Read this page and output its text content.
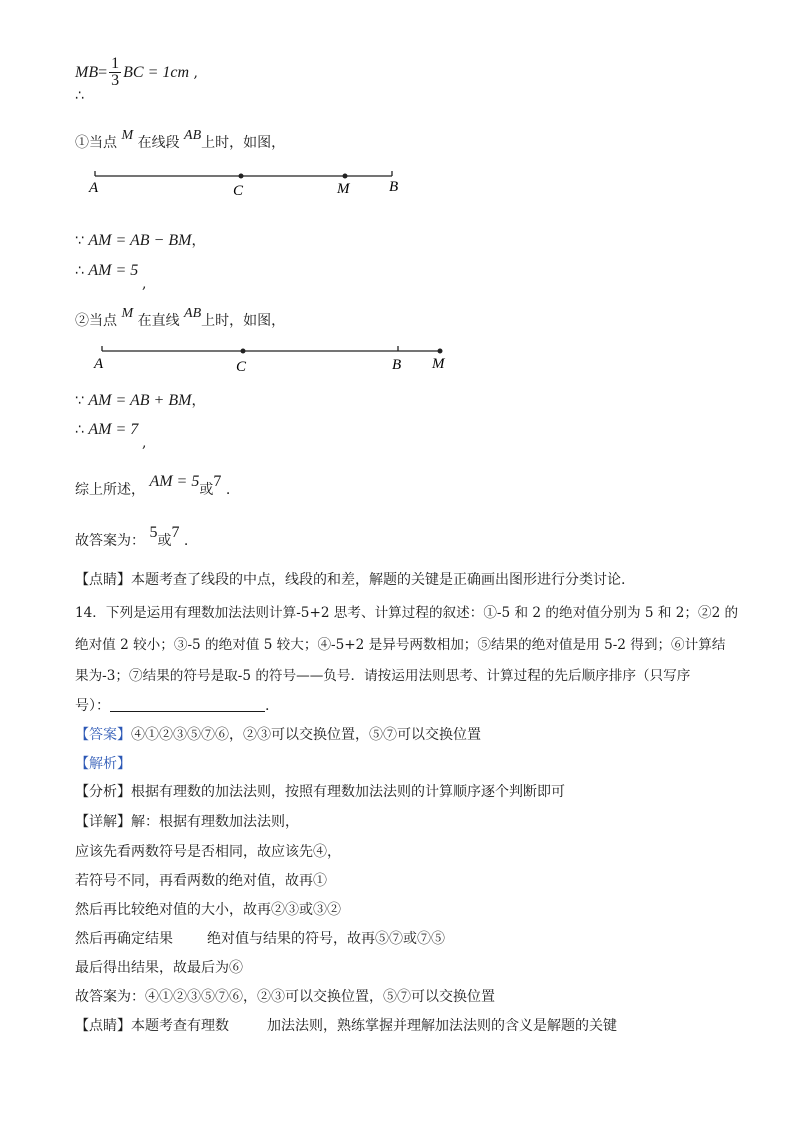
$MB= \frac{1}{3}$ BC = 1cm ,
∴
①当点 M 在线段 AB上时，如图，
A	C	M	B
A	C	B M
∵ AM = AB − BM，
∴ AM = 5
,
②当点 M 在直线 AB上时，如图，
∵ AM = AB + BM，
∴ AM = 7
,
综上所述， AM = 5或7 .
故答案为： 5或7 .
【点睛】本题考查了线段的中点，线段的和差，解题的关键是正确画出图形进行分类讨论.
14．下列是运用有理数加法法则计算-5+2 思考、计算过程的叙述：①-5 和 2 的绝对值分别为 5 和 2；②2 的
绝对值 2 较小；③-5 的绝对值 5 较大；④-5+2 是异号两数相加；⑤结果的绝对值是用 5-2 得到；⑥计算结
果为-3；⑦结果的符号是取-5 的符号——负号．请按运用法则思考、计算过程的先后顺序排序（只写序
号）：	.
【答案】④①②③⑤⑦⑥，②③可以交换位置，⑤⑦可以交换位置
【解析】
【分析】根据有理数的加法法则，按照有理数加法法则的计算顺序逐个判断即可
【详解】解：根据有理数加法法则，
应该先看两数符号是否相同，故应该先④，
若符号不同，再看两数的绝对值，故再①
然后再比较绝对值的大小，故再②③或③②
然后再确定结果 绝对值与结果的符号，故再⑤⑦或⑦⑤
最后得出结果，故最后为⑥
故答案为：④①②③⑤⑦⑥，②③可以交换位置，⑤⑦可以交换位置
【点睛】本题考查有理数	加法法则，熟练掌握并理解加法法则的含义是解题的关键
